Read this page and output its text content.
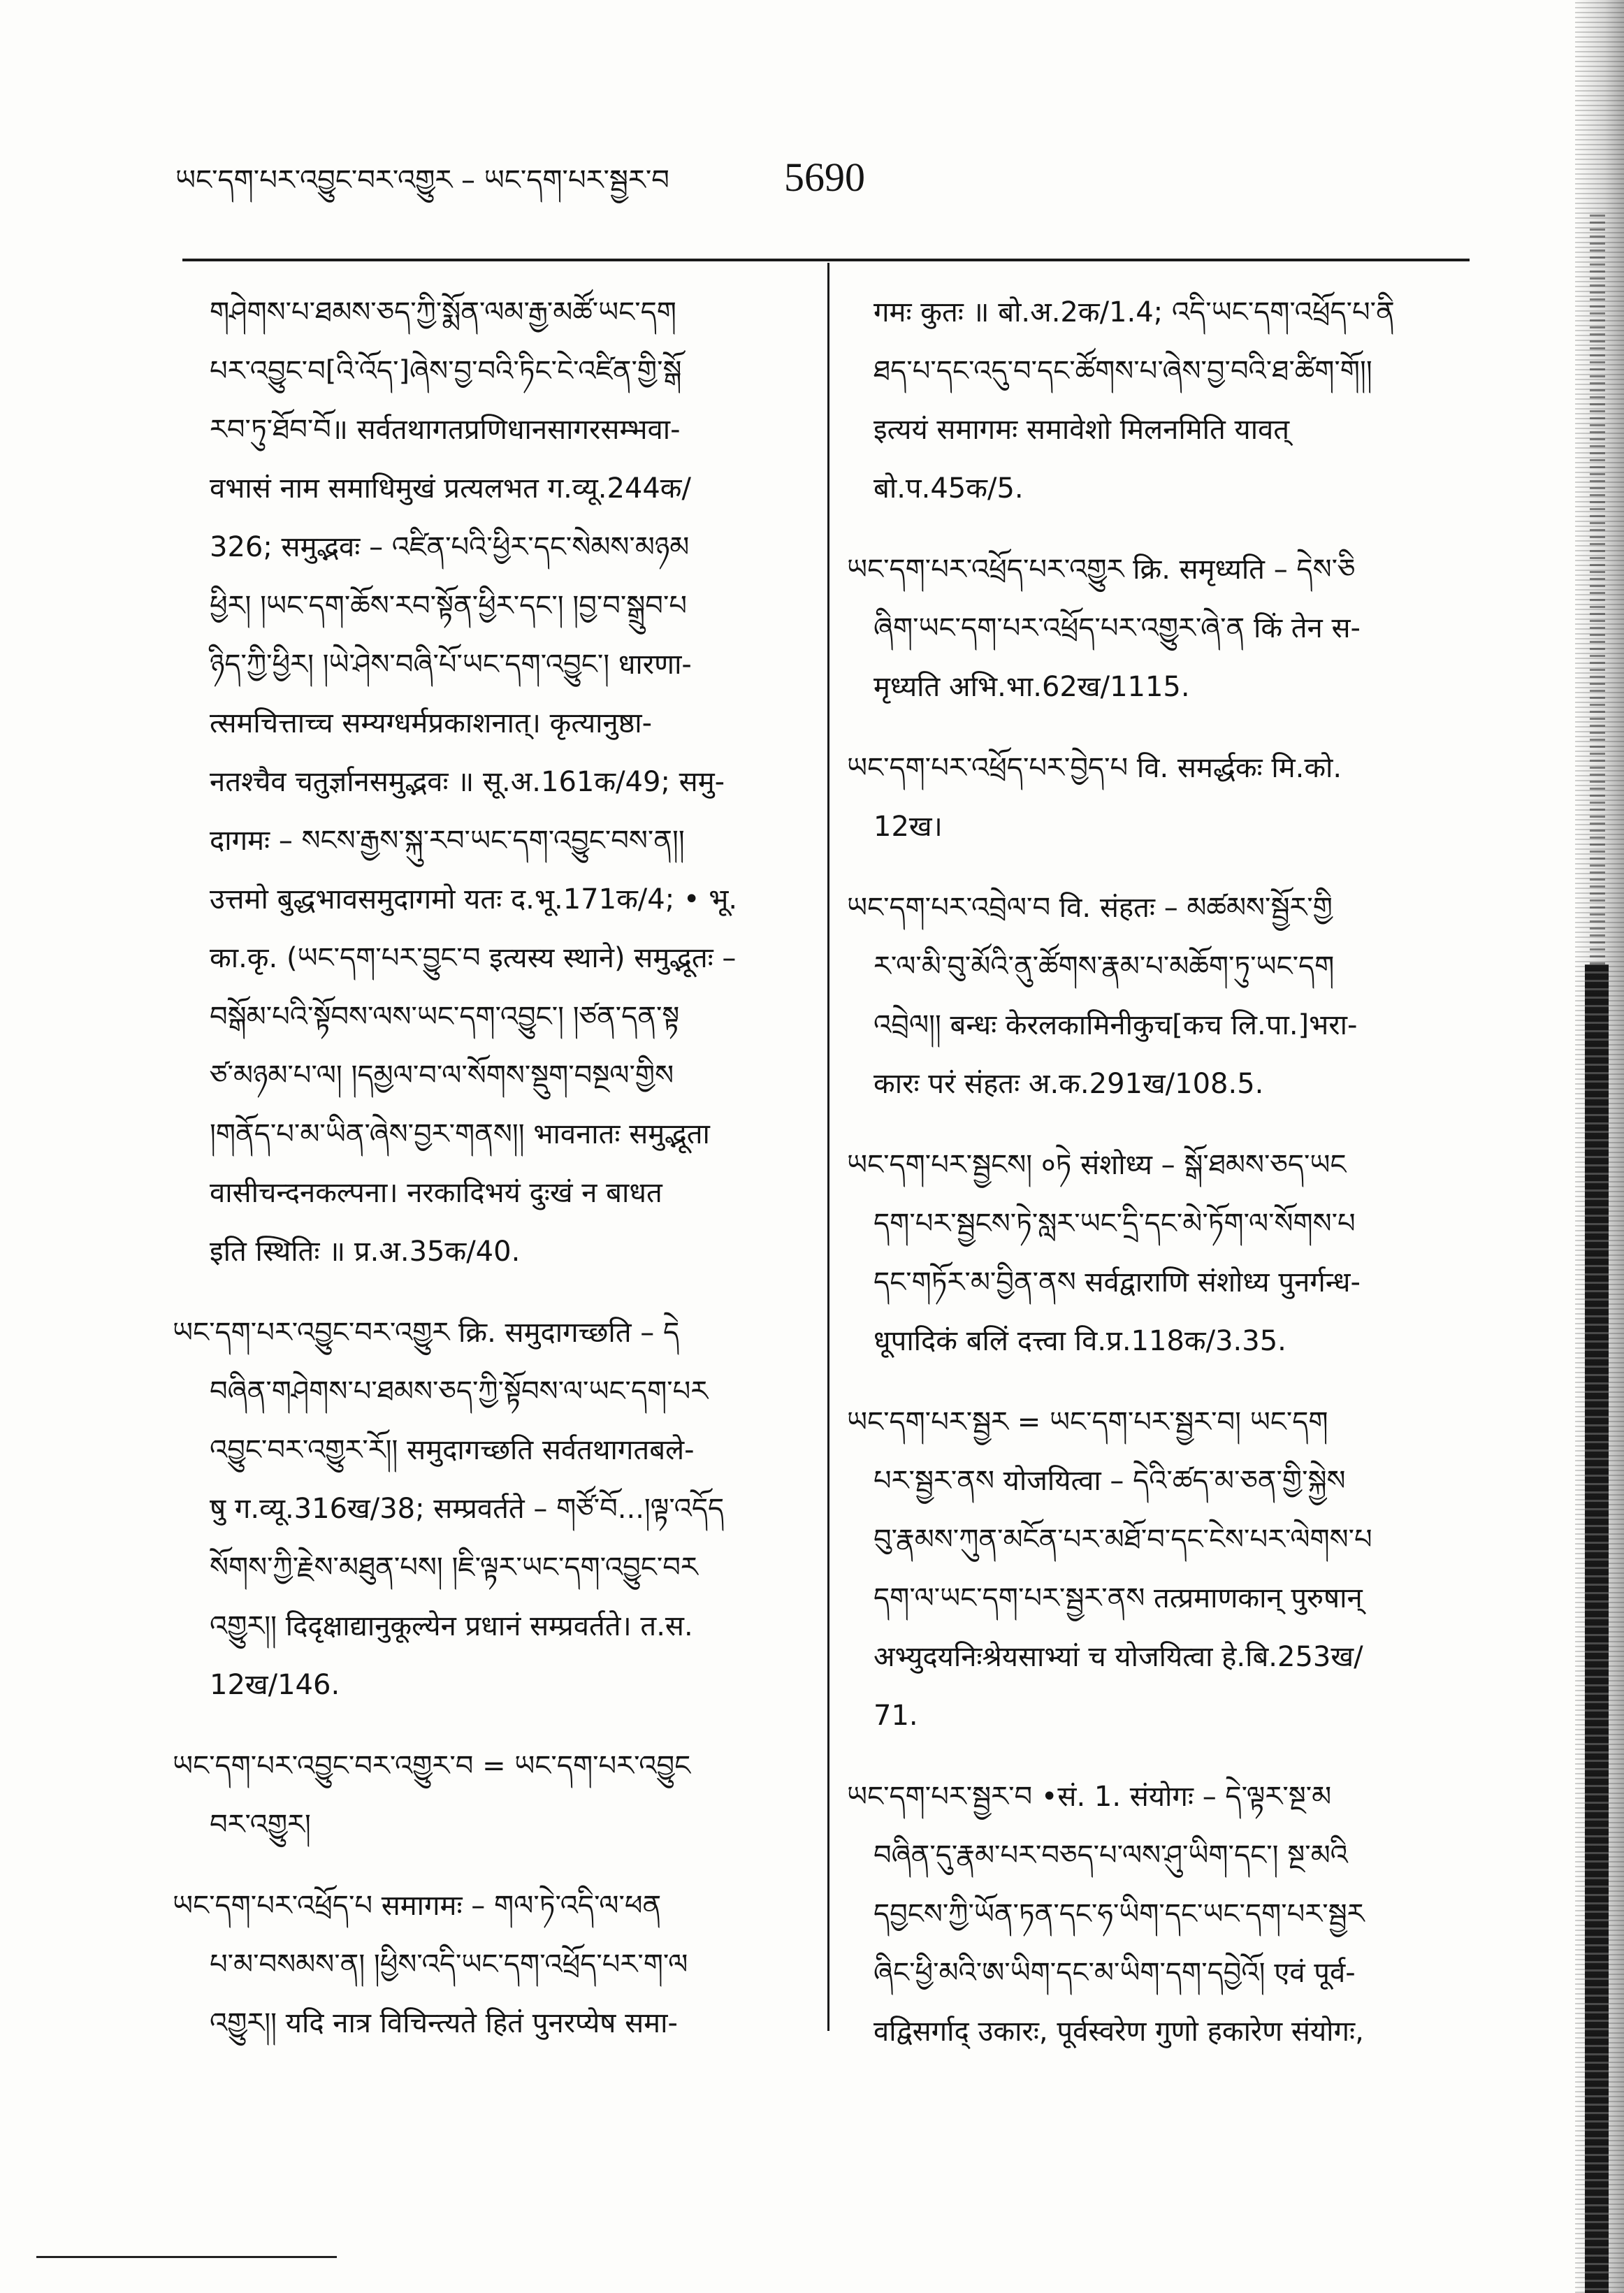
ཡང་དག་པར་འབྱུང་བར་འགྱུར – ཡང་དག་པར་སྦྱར་བ	5690
གཤེགས་པ་ཐམས་ཅད་ཀྱི་སྨོན་ལམ་རྒྱ་མཚོ་ཡང་དག
པར་འབྱུང་བ[འི་འོད་]ཞེས་བྱ་བའི་ཏིང་ངེ་འཛིན་གྱི་སྒོ
རབ་ཏུ་ཐོབ་བོ॥ सर्वतथागतप्रणिधानसागरसम्भवा-
वभासं नाम समाधिमुखं प्रत्यलभत ग.व्यू.244क/
326; समुद्भवः – འཛིན་པའི་ཕྱིར་དང་སེམས་མཉམ
ཕྱིར། །ཡང་དག་ཆོས་རབ་སྟོན་ཕྱིར་དང་། །བྱ་བ་སྒྲུབ་པ
ཉིད་ཀྱི་ཕྱིར། །ཡེ་ཤེས་བཞི་པོ་ཡང་དག་འབྱུང་། धारणा-
त्समचित्ताच्च सम्यग्धर्मप्रकाशनात्। कृत्यानुष्ठा-
नतश्चैव चतुर्ज्ञानसमुद्भवः ॥ सू.अ.161क/49; समु-
दागमः – སངས་རྒྱས་སྐུ་རབ་ཡང་དག་འབྱུང་བས་ན།།
उत्तमो बुद्धभावसमुदागमो यतः द.भू.171क/4; • भू.
का.कृ. (ཡང་དག་པར་བྱུང་བ इत्यस्य स्थाने) समुद्भूतः –
བསྒོམ་པའི་སྟོབས་ལས་ཡང་དག་འབྱུང་། །ཙན་དན་སྟ
ཙ་མཉམ་པ་ལ། །དམྱལ་བ་ལ་སོགས་སྡུག་བསྔལ་གྱིས
།གནོད་པ་མ་ཡིན་ཞེས་བྱར་གནས།། भावनातः समुद्भूता
वासीचन्दनकल्पना। नरकादिभयं दुःखं न बाधत
इति स्थितिः ॥ प्र.अ.35क/40.
ཡང་དག་པར་འབྱུང་བར་འགྱུར क्रि. समुदागच्छति – དེ
བཞིན་གཤེགས་པ་ཐམས་ཅད་ཀྱི་སྟོབས་ལ་ཡང་དག་པར
འབྱུང་བར་འགྱུར་རོ།། समुदागच्छति सर्वतथागतबले-
षु ग.व्यू.316ख/38; सम्प्रवर्तते – གཙོ་བོ...།ལྟ་འདོད
སོགས་ཀྱི་རྗེས་མཐུན་པས། །ཇི་ལྟར་ཡང་དག་འབྱུང་བར
འགྱུར།། दिदृक्षाद्यानुकूल्येन प्रधानं सम्प्रवर्तते। त.स.
12ख/146.
ཡང་དག་པར་འབྱུང་བར་འགྱུར་བ = ཡང་དག་པར་འབྱུང
བར་འགྱུར།
ཡང་དག་པར་འཕྲོད་པ समागमः – གལ་ཏེ་འདི་ལ་ཕན
པ་མ་བསམས་ན། །ཕྱིས་འདི་ཡང་དག་འཕྲོད་པར་ག་ལ
འགྱུར།། यदि नात्र विचिन्त्यते हितं पुनरप्येष समा-
गमः कुतः ॥ बो.अ.2क/1.4; འདི་ཡང་དག་འཕྲོད་པ་ནི
ཐད་པ་དང་འདུ་བ་དང་ཚོགས་པ་ཞེས་བྱ་བའི་ཐ་ཚིག་གོ།།
इत्ययं समागमः समावेशो मिलनमिति यावत्
बो.प.45क/5.
ཡང་དག་པར་འཕྲོད་པར་འགྱུར क्रि. समृध्यति – དེས་ཅི
ཞིག་ཡང་དག་པར་འཕྲོད་པར་འགྱུར་ཞེ་ན किं तेन स-
मृध्यति अभि.भा.62ख/1115.
ཡང་དག་པར་འཕྲོད་པར་བྱེད་པ वि. समर्द्धकः मि.को.
12ख।
ཡང་དག་པར་འབྲེལ་བ वि. संहतः – མཚམས་སྦྱོར་གྱི
ར་ལ་མི་བུ་མོའི་ནུ་ཚོགས་རྣམ་པ་མཆོག་ཏུ་ཡང་དག
འབྲེལ།། बन्धः केरलकामिनीकुच[कच लि.पा.]भरा-
कारः परं संहतः अ.क.291ख/108.5.
ཡང་དག་པར་སྦྱངས། ०ཏེ संशोध्य – སྒོ་ཐམས་ཅད་ཡང
དག་པར་སྦྱངས་ཏེ་སླར་ཡང་དྲི་དང་མེ་ཏོག་ལ་སོགས་པ
དང་གཏོར་མ་བྱིན་ནས सर्वद्वाराणि संशोध्य पुनर्गन्ध-
धूपादिकं बलिं दत्त्वा वि.प्र.118क/3.35.
ཡང་དག་པར་སྦྱར = ཡང་དག་པར་སྦྱར་བ། ཡང་དག
པར་སྦྱར་ནས योजयित्वा – དེའི་ཚད་མ་ཅན་གྱི་སྐྱེས
བུ་རྣམས་ཀུན་མངོན་པར་མཐོ་བ་དང་ངེས་པར་ལེགས་པ
དག་ལ་ཡང་དག་པར་སྦྱར་ནས तत्प्रमाणकान् पुरुषान्
अभ्युदयनिःश्रेयसाभ्यां च योजयित्वा हे.बि.253ख/
71.
ཡང་དག་པར་སྦྱར་བ •सं. 1. संयोगः – དེ་ལྟར་སྔ་མ
བཞིན་དུ་རྣམ་པར་བཅད་པ་ལས་ཤུ་ཡིག་དང་། སྔ་མའི
དབྱངས་ཀྱི་ཡོན་ཏན་དང་ཧ་ཡིག་དང་ཡང་དག་པར་སྦྱར
ཞིང་ཕྱི་མའི་ཨ་ཡིག་དང་མ་ཡིག་དག་དབྱེའོ། एवं पूर्व-
वद्विसर्गाद् उकारः, पूर्वस्वरेण गुणो हकारेण संयोगः,
